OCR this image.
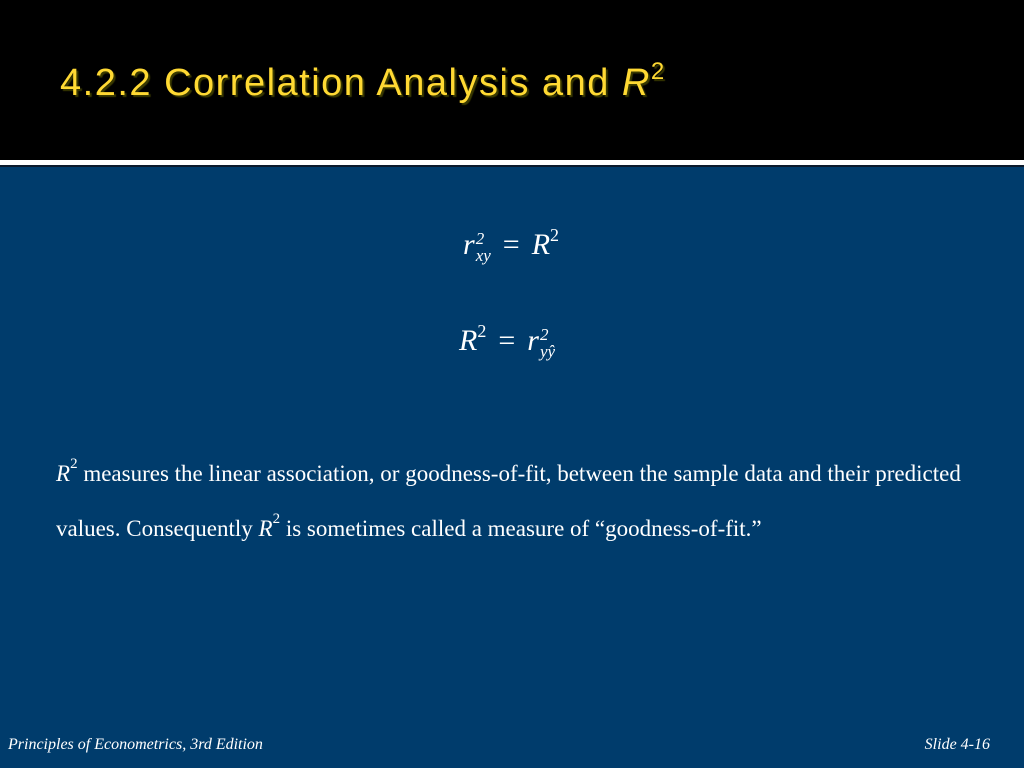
4.2.2 Correlation Analysis and $R^2$
r 2
xy = $R^2$
$R^2 = r$ 2
yŷ
$R^2$ measures the linear association, or goodness-of-fit, between the sample data and their predicted values. Consequently $R^2$ is sometimes called a measure of “goodness-of-fit.”
Principles of Econometrics, 3rd Edition	Slide 4-16
